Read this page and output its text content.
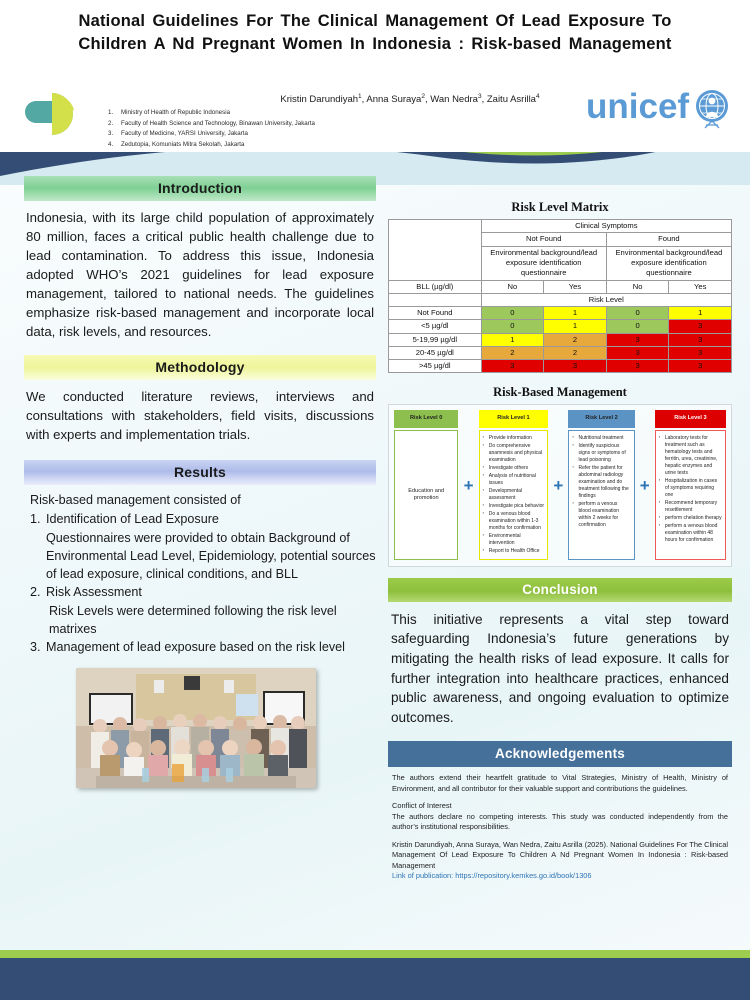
unicef
National Guidelines For The Clinical Management Of Lead Exposure To Children A Nd Pregnant Women In Indonesia : Risk-based Management
Kristin Darundiyah$^1$, Anna Suraya$^2$, Wan Nedra$^3$, Zaitu Asrilla$^4$
1.	Ministry of Health of Republic Indonesia
2.	Faculty of Health Science and Technology, Binawan University, Jakarta
3.	Faculty of Medicine, YARSI University, Jakarta
4.	Zedutopia, Komuniats Mitra Sekolah, Jakarta
Introduction
Indonesia, with its large child population of approximately 80 million, faces a critical public health challenge due to lead contamination. To address this issue, Indonesia adopted WHO’s 2021 guidelines for lead exposure management, tailored to national needs. The guidelines emphasize risk-based management and incorporate local data, risk levels, and resources.
Methodology
We conducted literature reviews, interviews and consultations with stakeholders, field visits, discussions with experts and implementation trials.
Results
Risk-based management consisted of
1. Identification of Lead Exposure
Questionnaires were provided to obtain Background of Environmental Lead Level, Epidemiology, potential sources of lead exposure, clinical conditions, and BLL
2. Risk Assessment
Risk Levels were determined following the risk level matrixes
3. Management of lead exposure based on the risk level
Risk Level Matrix
	Clinical Symptoms			
	Not Found		Found	
	Environmental background/lead exposure identification questionnaire		Environmental background/lead exposure identification questionnaire	
BLL (µg/dl)	No	Yes	No	Yes
	Risk Level			
Not Found	0	1	0	1
<5 µg/dl	0	1	0	3
5-19,99 µg/dl	1	2	3	3
20-45 µg/dl	2	2	3	3
>45 µg/dl	3	3	3	3
Risk-Based Management
Risk Level 0
Education and promotion
+
Risk Level 1
▪ Provide information
▪ Do comprehensive anamnesis and physical examination
▪ Investigate others
▪ Analysis of nutritional issues
▪ Developmental assessment
▪ Investigate pica behavior
▪ Do a venous blood examination within 1-3 months for confirmation
▪ Environmental intervention
▪ Report to Health Office
+
Risk Level 2
▪ Nutritional treatment
▪ Identify suspicious signs or symptoms of lead poisoning
▪ Refer the patient for abdominal radiology examination and do treatment following the findings
▪ perform a venous blood examination within 2 weeks for confirmation
+
Risk Level 3
▪ Laboratory tests for treatment such as hematology tests and ferritin, urea, creatinine, hepatic enzymes and urine tests
▪ Hospitalization in cases of symptoms requiring one
▪ Recommend temporary resettlement
▪ perform chelation therapy
▪ perform a venous blood examination within 48 hours for confirmation
Conclusion
This initiative represents a vital step toward safeguarding Indonesia’s future generations by mitigating the health risks of lead exposure. It calls for further integration into healthcare practices, enhanced public awareness, and ongoing evaluation to optimize outcomes.
Acknowledgements

The authors extend their heartfelt gratitude to Vital Strategies, Ministry of Health, Ministry of Environment, and all contributor for their valuable support and contributions the guidelines.

Conflict of Interest

The authors declare no competing interests. This study was conducted independently from the author’s institutional responsibilities.

Kristin Darundiyah, Anna Suraya, Wan Nedra, Zaitu Asrilla (2025). National Guidelines For The Clinical Management Of Lead Exposure To Children A Nd Pregnant Women In Indonesia : Risk-based Management

Link of publication: https://repository.kemkes.go.id/book/1306
